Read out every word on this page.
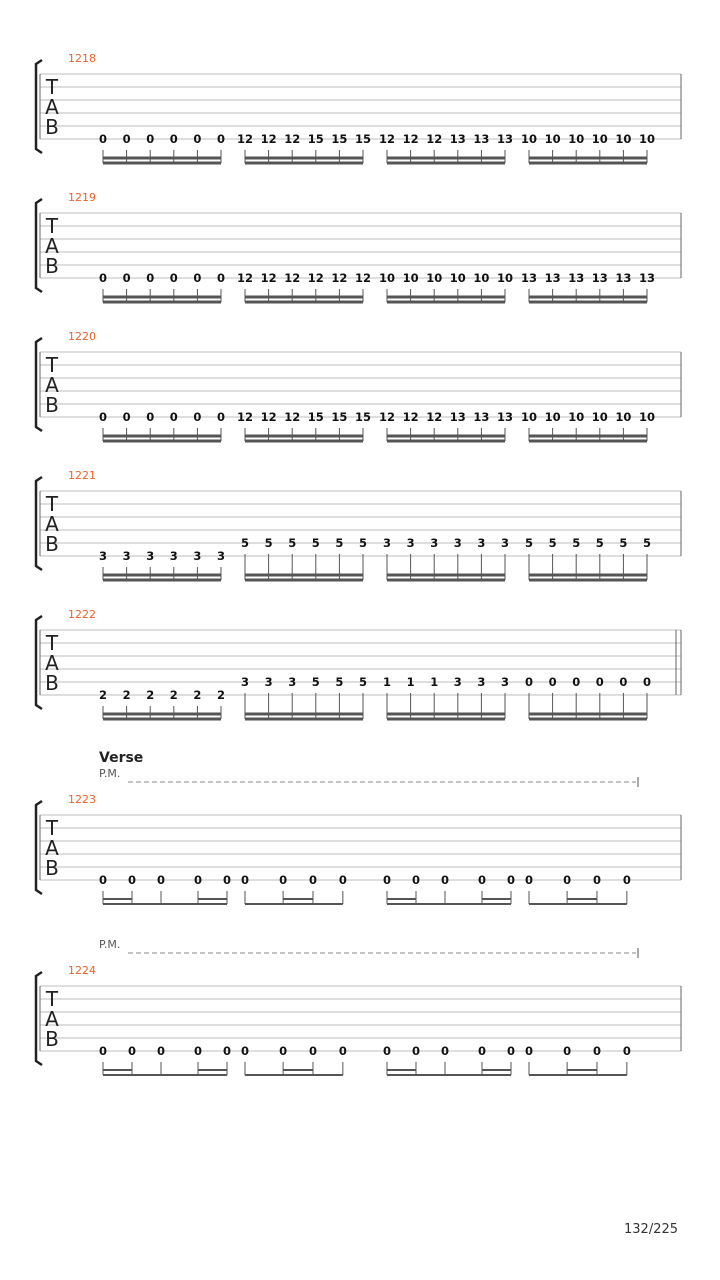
T
A
B
1218
0 0 0 0 0 0 12 12 12 15 15 15 12 12 12 13 13 13 10 10 10 10 10 10
T
A
B
1219
0 0 0 0 0 0 12 12 12 12 12 12 10 10 10 10 10 10 13 13 13 13 13 13
T
A
B
1220
0 0 0 0 0 0 12 12 12 15 15 15 12 12 12 13 13 13 10 10 10 10 10 10
T
A
B
1221
3 3 3 3 3 3
5 5 5 5 5 5 3 3 3 3 3 3 5 5 5 5 5 5
T
A
B
1222
2 2 2 2 2 2
3 3 3 5 5 5 1 1 1 3 3 3 0 0 0 0 0 0
T
A
B
1223
Verse
P.M.
0 0 0	0 0 0	0 0 0	0 0 0	0 0 0	0 0 0
T
A
B
1224
P.M.
0 0 0	0 0 0	0 0 0	0 0 0	0 0 0	0 0 0
132/225
